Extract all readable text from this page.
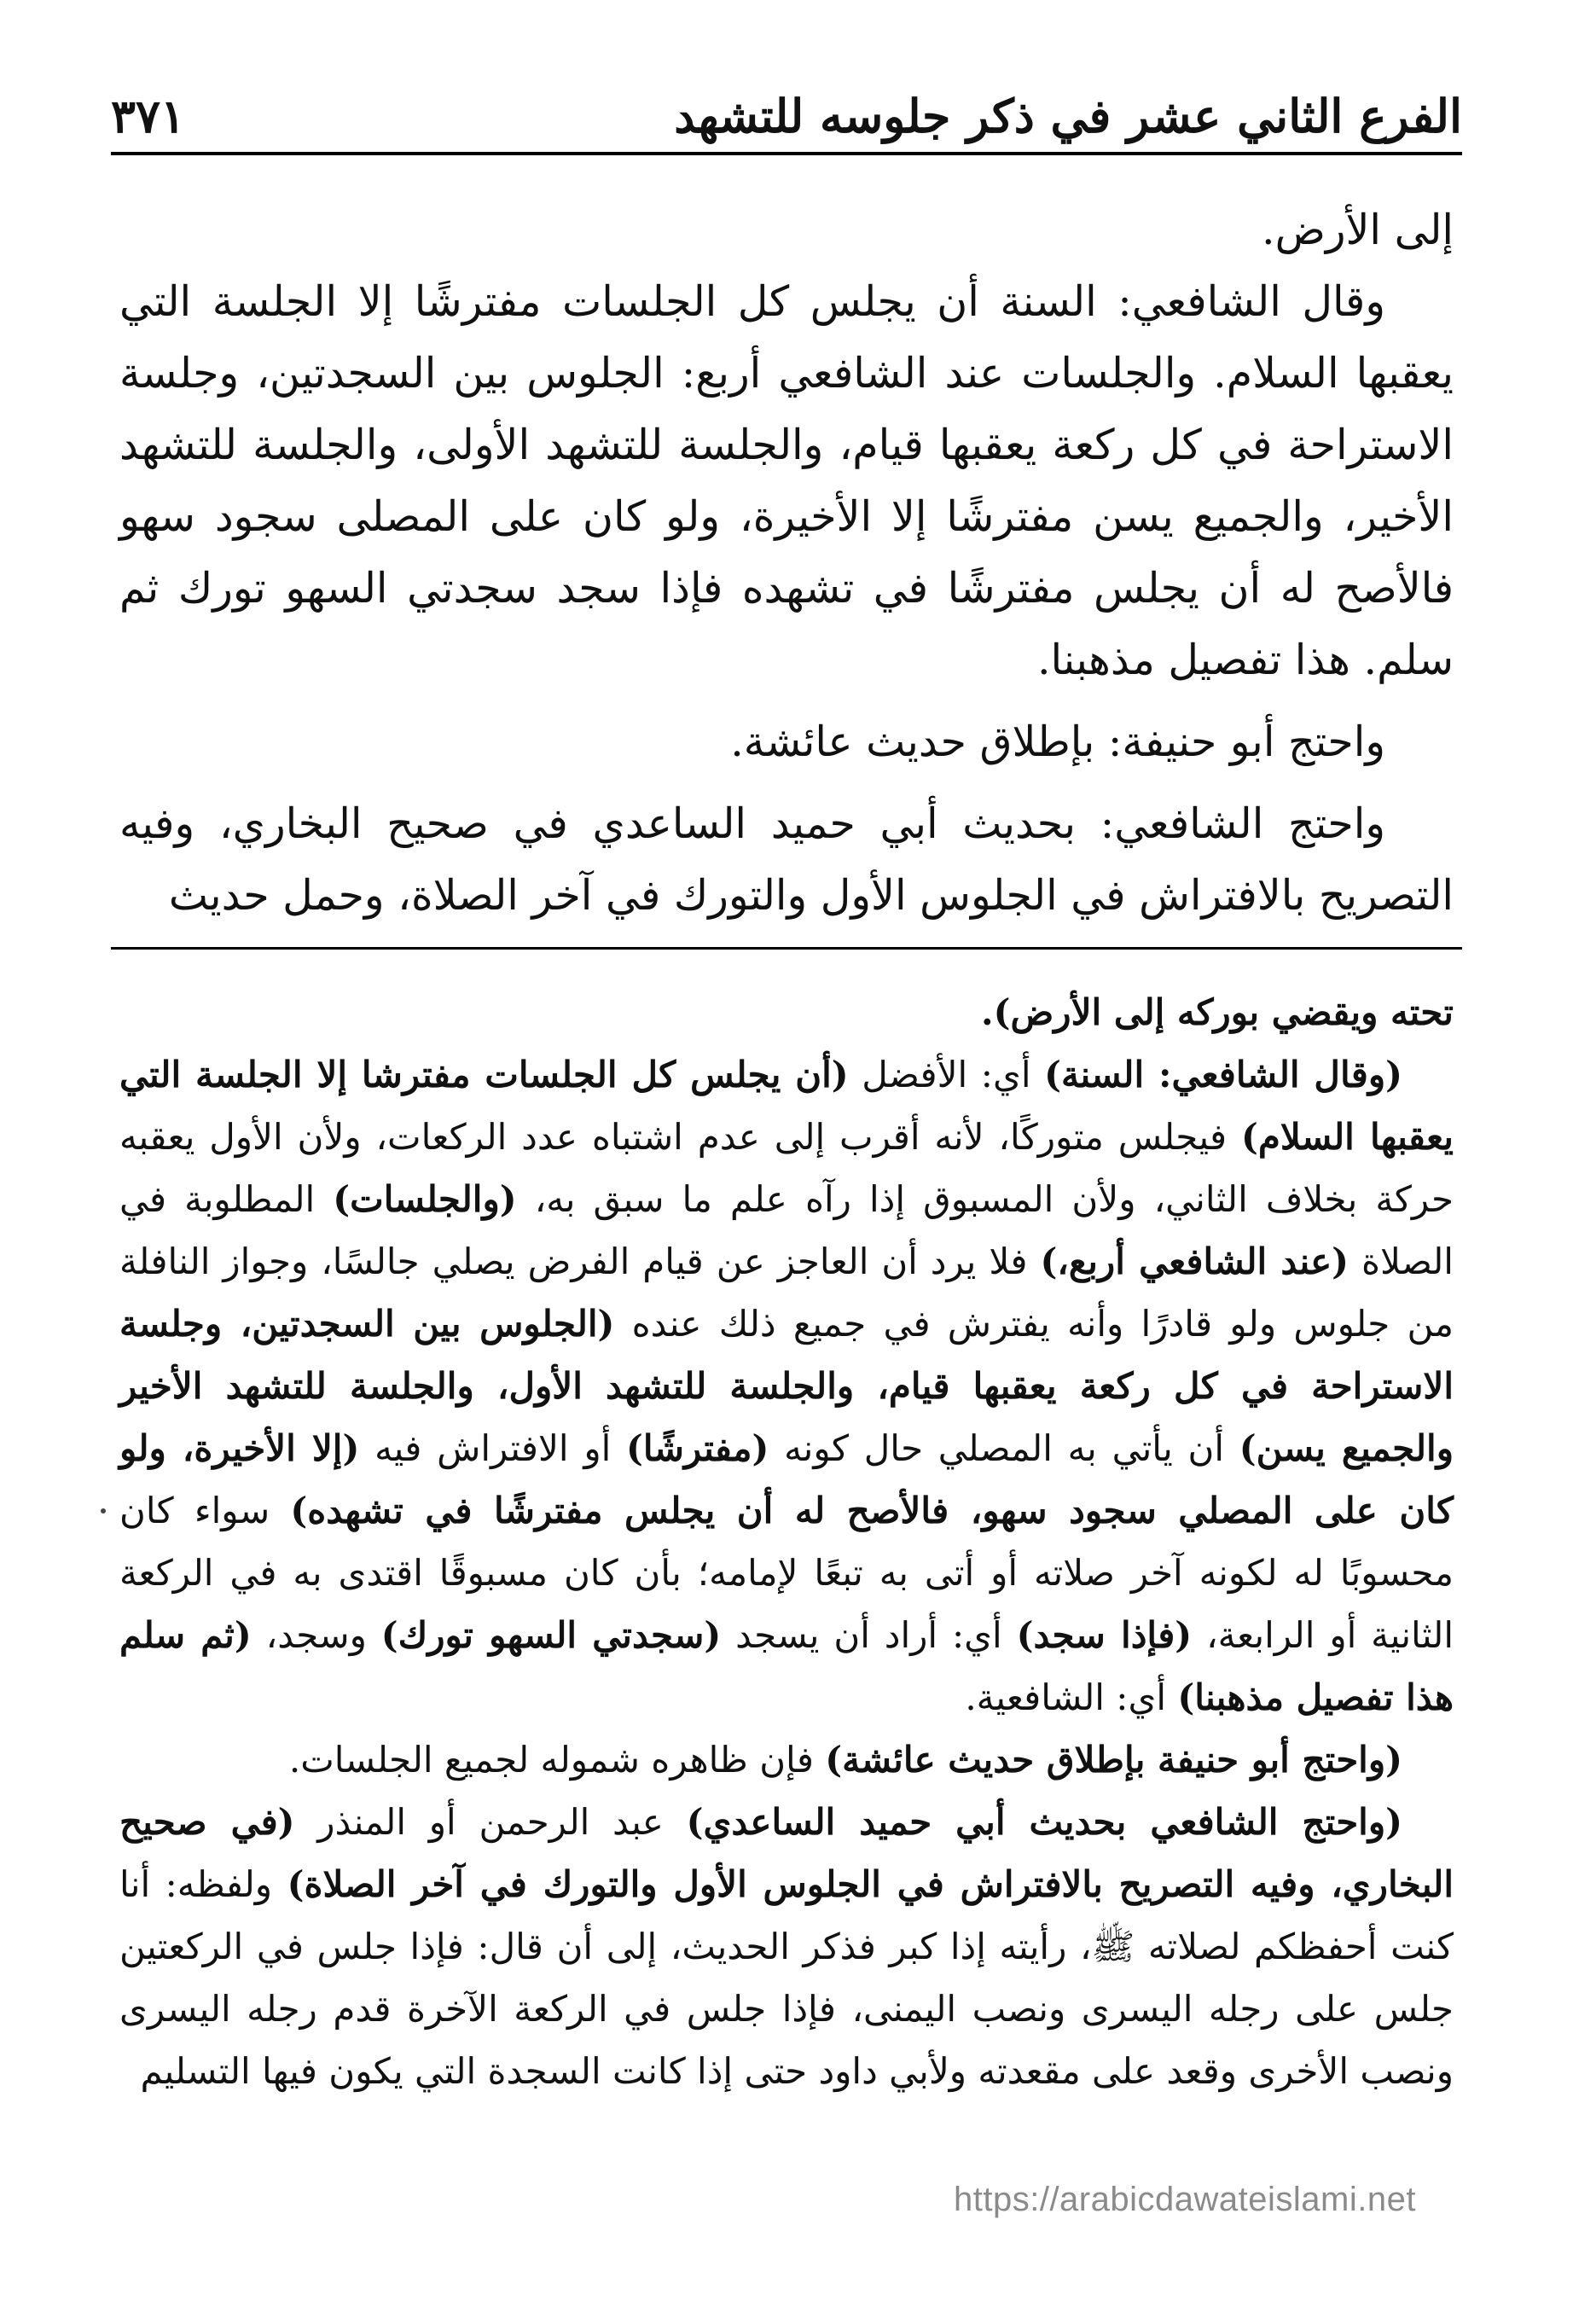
الفرع الثاني عشر في ذكر جلوسه للتشهد
٣٧١

إلى الأرض.

وقال الشافعي: السنة أن يجلس كل الجلسات مفترشًا إلا الجلسة التي يعقبها السلام. والجلسات عند الشافعي أربع: الجلوس بين السجدتين، وجلسة الاستراحة في كل ركعة يعقبها قيام، والجلسة للتشهد الأولى، والجلسة للتشهد الأخير، والجميع يسن مفترشًا إلا الأخيرة، ولو كان على المصلى سجود سهو فالأصح له أن يجلس مفترشًا في تشهده فإذا سجد سجدتي السهو تورك ثم سلم. هذا تفصيل مذهبنا.

واحتج أبو حنيفة: بإطلاق حديث عائشة.

واحتج الشافعي: بحديث أبي حميد الساعدي في صحيح البخاري، وفيه التصريح بالافتراش في الجلوس الأول والتورك في آخر الصلاة، وحمل حديث

تحته ويقضي بوركه إلى الأرض).

(وقال الشافعي: السنة) أي: الأفضل (أن يجلس كل الجلسات مفترشا إلا الجلسة التي يعقبها السلام) فيجلس متوركًا، لأنه أقرب إلى عدم اشتباه عدد الركعات، ولأن الأول يعقبه حركة بخلاف الثاني، ولأن المسبوق إذا رآه علم ما سبق به، (والجلسات) المطلوبة في الصلاة (عند الشافعي أربع،) فلا يرد أن العاجز عن قيام الفرض يصلي جالسًا، وجواز النافلة من جلوس ولو قادرًا وأنه يفترش في جميع ذلك عنده (الجلوس بين السجدتين، وجلسة الاستراحة في كل ركعة يعقبها قيام، والجلسة للتشهد الأول، والجلسة للتشهد الأخير والجميع يسن) أن يأتي به المصلي حال كونه (مفترشًا) أو الافتراش فيه (إلا الأخيرة، ولو كان على المصلي سجود سهو، فالأصح له أن يجلس مفترشًا في تشهده) سواء كان محسوبًا له لكونه آخر صلاته أو أتى به تبعًا لإمامه؛ بأن كان مسبوقًا اقتدى به في الركعة الثانية أو الرابعة، (فإذا سجد) أي: أراد أن يسجد (سجدتي السهو تورك) وسجد، (ثم سلم هذا تفصيل مذهبنا) أي: الشافعية.

(واحتج أبو حنيفة بإطلاق حديث عائشة) فإن ظاهره شموله لجميع الجلسات.

(واحتج الشافعي بحديث أبي حميد الساعدي) عبد الرحمن أو المنذر (في صحيح البخاري، وفيه التصريح بالافتراش في الجلوس الأول والتورك في آخر الصلاة) ولفظه: أنا كنت أحفظكم لصلاته ﷺ، رأيته إذا كبر فذكر الحديث، إلى أن قال: فإذا جلس في الركعتين جلس على رجله اليسرى ونصب اليمنى، فإذا جلس في الركعة الآخرة قدم رجله اليسرى ونصب الأخرى وقعد على مقعدته ولأبي داود حتى إذا كانت السجدة التي يكون فيها التسليم

https://arabicdawateislami.net
